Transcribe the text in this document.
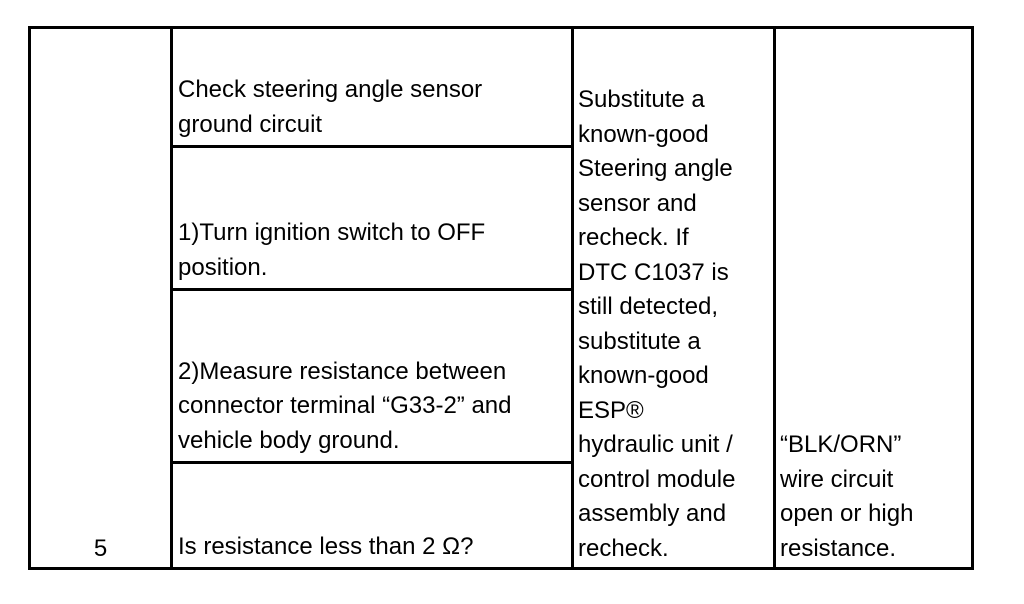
5
Check steering angle sensor
ground circuit
1)Turn ignition switch to OFF
position.
2)Measure resistance between
connector terminal “G33-2” and
vehicle body ground.
Is resistance less than 2 Ω?
Substitute a
known-good
Steering angle
sensor and
recheck. If
DTC C1037 is
still detected,
substitute a
known-good
ESP®
hydraulic unit /
control module
assembly and
recheck.
“BLK/ORN”
wire circuit
open or high
resistance.
